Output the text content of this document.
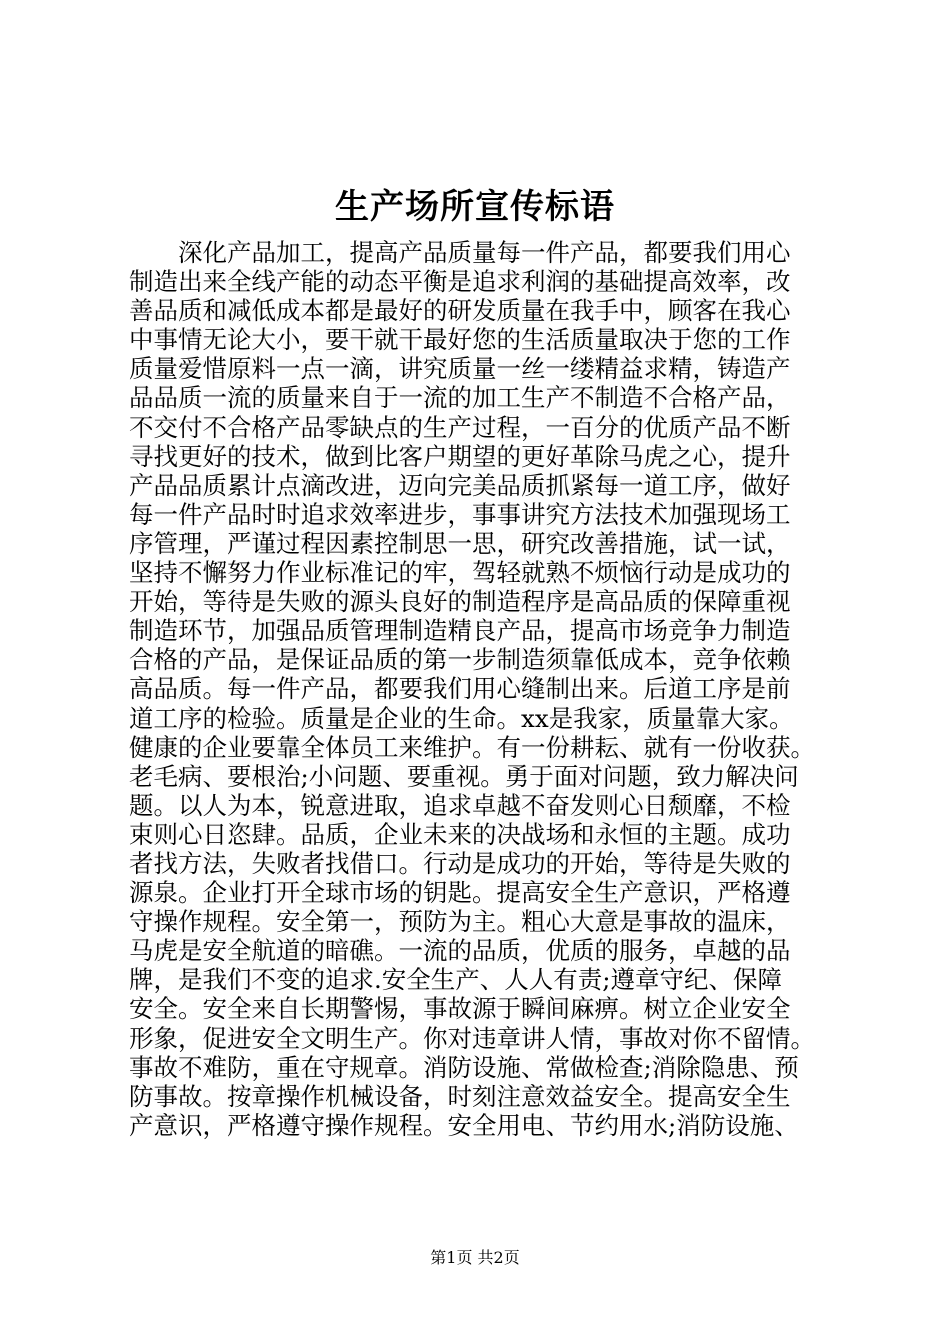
生产场所宣传标语
深化产品加工，提高产品质量每一件产品，都要我们用心
制造出来全线产能的动态平衡是追求利润的基础提高效率，改
善品质和减低成本都是最好的研发质量在我手中，顾客在我心
中事情无论大小，要干就干最好您的生活质量取决于您的工作
质量爱惜原料一点一滴，讲究质量一丝一缕精益求精，铸造产
品品质一流的质量来自于一流的加工生产不制造不合格产品，
不交付不合格产品零缺点的生产过程，一百分的优质产品不断
寻找更好的技术，做到比客户期望的更好革除马虎之心，提升
产品品质累计点滴改进，迈向完美品质抓紧每一道工序，做好
每一件产品时时追求效率进步，事事讲究方法技术加强现场工
序管理，严谨过程因素控制思一思，研究改善措施，试一试，
坚持不懈努力作业标准记的牢，驾轻就熟不烦恼行动是成功的
开始，等待是失败的源头良好的制造程序是高品质的保障重视
制造环节，加强品质管理制造精良产品，提高市场竞争力制造
合格的产品，是保证品质的第一步制造须靠低成本，竞争依赖
高品质。每一件产品，都要我们用心缝制出来。后道工序是前
道工序的检验。质量是企业的生命。xx是我家，质量靠大家。
健康的企业要靠全体员工来维护。有一份耕耘、就有一份收获。
老毛病、要根治;小问题、要重视。勇于面对问题，致力解决问
题。以人为本，锐意进取，追求卓越不奋发则心日颓靡，不检
束则心日恣肆。品质，企业未来的决战场和永恒的主题。成功
者找方法，失败者找借口。行动是成功的开始，等待是失败的
源泉。企业打开全球市场的钥匙。提高安全生产意识，严格遵
守操作规程。安全第一，预防为主。粗心大意是事故的温床，
马虎是安全航道的暗礁。一流的品质，优质的服务，卓越的品
牌，是我们不变的追求.安全生产、人人有责;遵章守纪、保障
安全。安全来自长期警惕，事故源于瞬间麻痹。树立企业安全
形象，促进安全文明生产。你对违章讲人情，事故对你不留情。
事故不难防，重在守规章。消防设施、常做检查;消除隐患、预
防事故。按章操作机械设备，时刻注意效益安全。提高安全生
产意识，严格遵守操作规程。安全用电、节约用水;消防设施、
第1页 共2页
